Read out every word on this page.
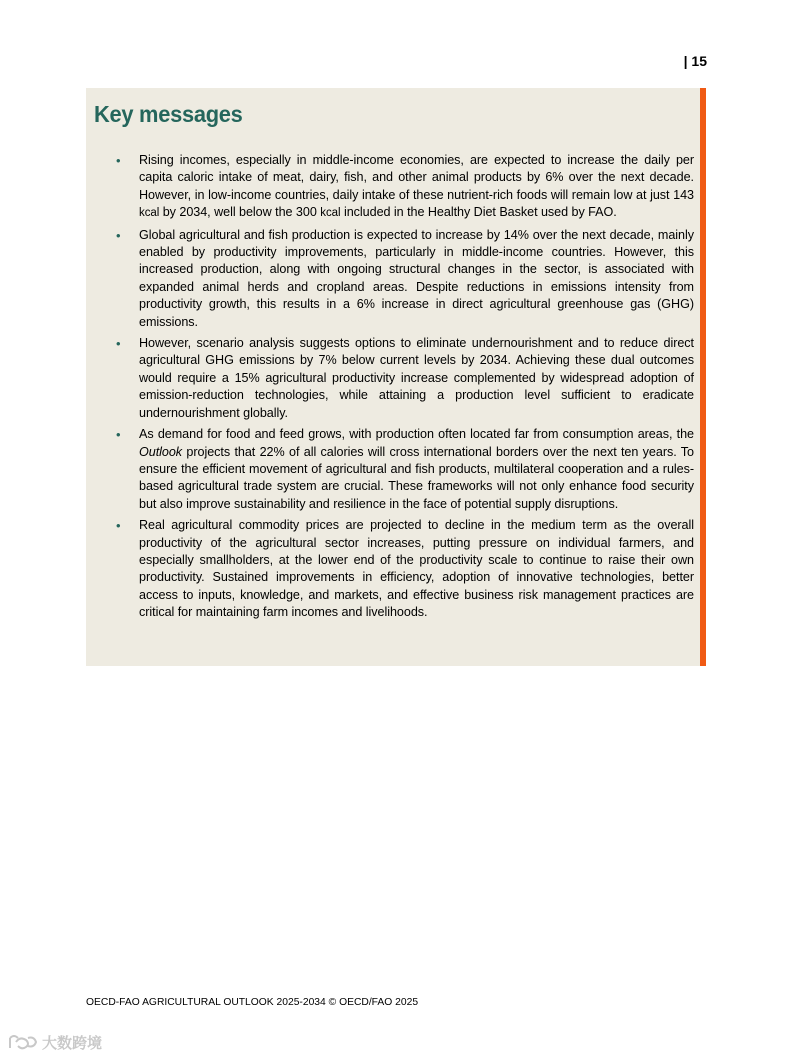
| 15
Key messages
• Rising incomes, especially in middle-income economies, are expected to increase the daily per capita caloric intake of meat, dairy, fish, and other animal products by 6% over the next decade. However, in low-income countries, daily intake of these nutrient-rich foods will remain low at just 143 kcal by 2034, well below the 300 kcal included in the Healthy Diet Basket used by FAO.
• Global agricultural and fish production is expected to increase by 14% over the next decade, mainly enabled by productivity improvements, particularly in middle-income countries. However, this increased production, along with ongoing structural changes in the sector, is associated with expanded animal herds and cropland areas. Despite reductions in emissions intensity from productivity growth, this results in a 6% increase in direct agricultural greenhouse gas (GHG) emissions.
• However, scenario analysis suggests options to eliminate undernourishment and to reduce direct agricultural GHG emissions by 7% below current levels by 2034. Achieving these dual outcomes would require a 15% agricultural productivity increase complemented by widespread adoption of emission-reduction technologies, while attaining a production level sufficient to eradicate undernourishment globally.
• As demand for food and feed grows, with production often located far from consumption areas, the Outlook projects that 22% of all calories will cross international borders over the next ten years. To ensure the efficient movement of agricultural and fish products, multilateral cooperation and a rules-based agricultural trade system are crucial. These frameworks will not only enhance food security but also improve sustainability and resilience in the face of potential supply disruptions.
• Real agricultural commodity prices are projected to decline in the medium term as the overall productivity of the agricultural sector increases, putting pressure on individual farmers, and especially smallholders, at the lower end of the productivity scale to continue to raise their own productivity. Sustained improvements in efficiency, adoption of innovative technologies, better access to inputs, knowledge, and markets, and effective business risk management practices are critical for maintaining farm incomes and livelihoods.
OECD-FAO AGRICULTURAL OUTLOOK 2025-2034 © OECD/FAO 2025
大数跨境
